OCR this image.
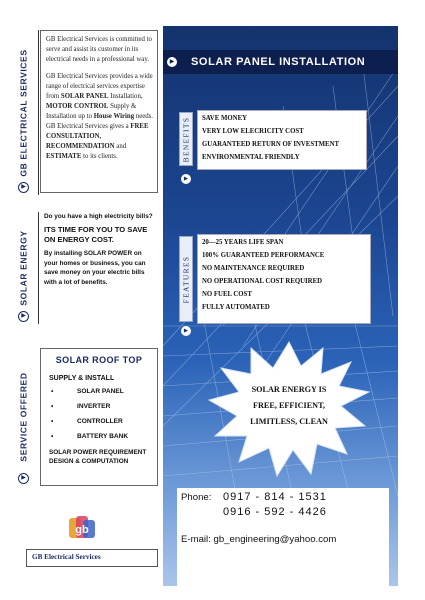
GB ELECTRICAL SERVICES
▶

GB Electrical Services is committed to serve and assist its customer in its electrical needs in a professional way.

GB Electrical Services provides a wide range of electrical services expertise from SOLAR PANEL Installation, MOTOR CONTROL Supply & Installation up to House Wiring needs. GB Electrical Services gives a FREE CONSULTATION, RECOMMENDATION and ESTIMATE to its clients.

SOLAR ENERGY
▶
Do you have a high electricity bills?
ITS TIME FOR YOU TO SAVE ON ENERGY COST.
By installing SOLAR POWER on your homes or business, you can save money on your electric bills with a lot of benefits.
SERVICE OFFERED
▶
SOLAR ROOF TOP
SUPPLY & INSTALL
•	SOLAR PANEL
•	INVERTER
•	CONTROLLER
•	BATTERY BANK
SOLAR POWER REQUIREMENT DESIGN & COMPUTATION
gb
GB Electrical Services
▶ SOLAR PANEL INSTALLATION
BENEFITS
▶
SAVE MONEY
VERY LOW ELECRICITY COST
GUARANTEED RETURN OF INVESTMENT
ENVIRONMENTAL FRIENDLY
FEATURES
▶
20—25 YEARS LIFE SPAN
100% GUARANTEED PERFORMANCE
NO MAINTENANCE REQUIRED
NO OPERATIONAL COST REQUIRED
NO FUEL COST
FULLY AUTOMATED
SOLAR ENERGY IS
FREE, EFFICIENT,
LIMITLESS, CLEAN
Phone:	0917 - 814 - 1531
0916 - 592 - 4426
E-mail: gb_engineering@yahoo.com
PostAds .ph
